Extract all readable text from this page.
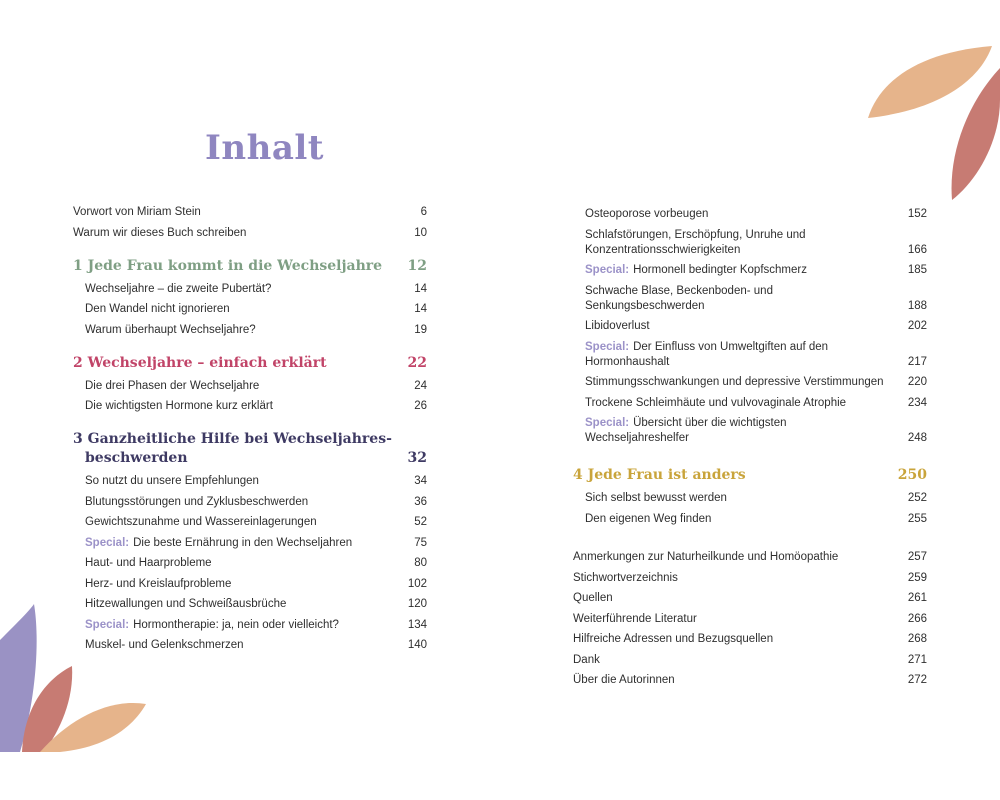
Inhalt
Vorwort von Miriam Stein	6
Warum wir dieses Buch schreiben	10
1 Jede Frau kommt in die Wechseljahre	12
Wechseljahre – die zweite Pubertät?	14
Den Wandel nicht ignorieren	14
Warum überhaupt Wechseljahre?	19
2 Wechseljahre – einfach erklärt	22
Die drei Phasen der Wechseljahre	24
Die wichtigsten Hormone kurz erklärt	26
3 Ganzheitliche Hilfe bei Wechseljahres-
beschwerden	32
So nutzt du unsere Empfehlungen	34
Blutungsstörungen und Zyklusbeschwerden	36
Gewichtszunahme und Wassereinlagerungen	52
Special: Die beste Ernährung in den Wechseljahren	75
Haut- und Haarprobleme	80
Herz- und Kreislaufprobleme	102
Hitzewallungen und Schweißausbrüche	120
Special: Hormontherapie: ja, nein oder vielleicht?	134
Muskel- und Gelenkschmerzen	140
Osteoporose vorbeugen	152
Schlafstörungen, Erschöpfung, Unruhe und Konzentrationsschwierigkeiten	166
Special: Hormonell bedingter Kopfschmerz	185
Schwache Blase, Beckenboden- und Senkungsbeschwerden	188
Libidoverlust	202
Special: Der Einfluss von Umweltgiften auf den Hormonhaushalt	217
Stimmungsschwankungen und depressive Verstimmungen	220
Trockene Schleimhäute und vulvovaginale Atrophie	234
Special: Übersicht über die wichtigsten Wechseljahreshelfer	248
4 Jede Frau ist anders	250
Sich selbst bewusst werden	252
Den eigenen Weg finden	255
Anmerkungen zur Naturheilkunde und Homöopathie	257
Stichwortverzeichnis	259
Quellen	261
Weiterführende Literatur	266
Hilfreiche Adressen und Bezugsquellen	268
Dank	271
Über die Autorinnen	272
